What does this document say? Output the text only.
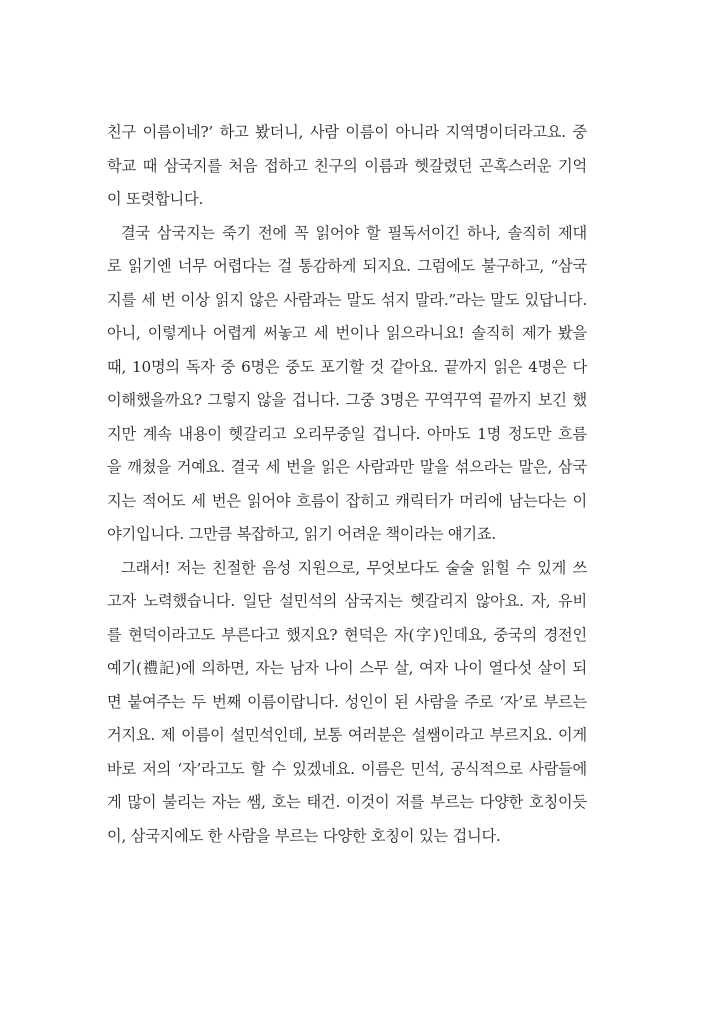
친구 이름이네?’ 하고 봤더니, 사람 이름이 아니라 지역명이더라고요. 중
학교 때 삼국지를 처음 접하고 친구의 이름과 헷갈렸던 곤혹스러운 기억
이 또렷합니다.
결국 삼국지는 죽기 전에 꼭 읽어야 할 필독서이긴 하나, 솔직히 제대
로 읽기엔 너무 어렵다는 걸 통감하게 되지요. 그럼에도 불구하고, “삼국
지를 세 번 이상 읽지 않은 사람과는 말도 섞지 말라.”라는 말도 있답니다.
아니, 이렇게나 어렵게 써놓고 세 번이나 읽으라니요! 솔직히 제가 봤을
때, 10명의 독자 중 6명은 중도 포기할 것 같아요. 끝까지 읽은 4명은 다
이해했을까요? 그렇지 않을 겁니다. 그중 3명은 꾸역꾸역 끝까지 보긴 했
지만 계속 내용이 헷갈리고 오리무중일 겁니다. 아마도 1명 정도만 흐름
을 깨쳤을 거예요. 결국 세 번을 읽은 사람과만 말을 섞으라는 말은, 삼국
지는 적어도 세 번은 읽어야 흐름이 잡히고 캐릭터가 머리에 남는다는 이
야기입니다. 그만큼 복잡하고, 읽기 어려운 책이라는 얘기죠.
그래서! 저는 친절한 음성 지원으로, 무엇보다도 술술 읽힐 수 있게 쓰
고자 노력했습니다. 일단 설민석의 삼국지는 헷갈리지 않아요. 자, 유비
를 현덕이라고도 부른다고 했지요? 현덕은 자(字)인데요, 중국의 경전인
예기(禮記)에 의하면, 자는 남자 나이 스무 살, 여자 나이 열다섯 살이 되
면 붙여주는 두 번째 이름이랍니다. 성인이 된 사람을 주로 ‘자’로 부르는
거지요. 제 이름이 설민석인데, 보통 여러분은 설쌤이라고 부르지요. 이게
바로 저의 ‘자’라고도 할 수 있겠네요. 이름은 민석, 공식적으로 사람들에
게 많이 불리는 자는 쌤, 호는 태건. 이것이 저를 부르는 다양한 호칭이듯
이, 삼국지에도 한 사람을 부르는 다양한 호칭이 있는 겁니다.
